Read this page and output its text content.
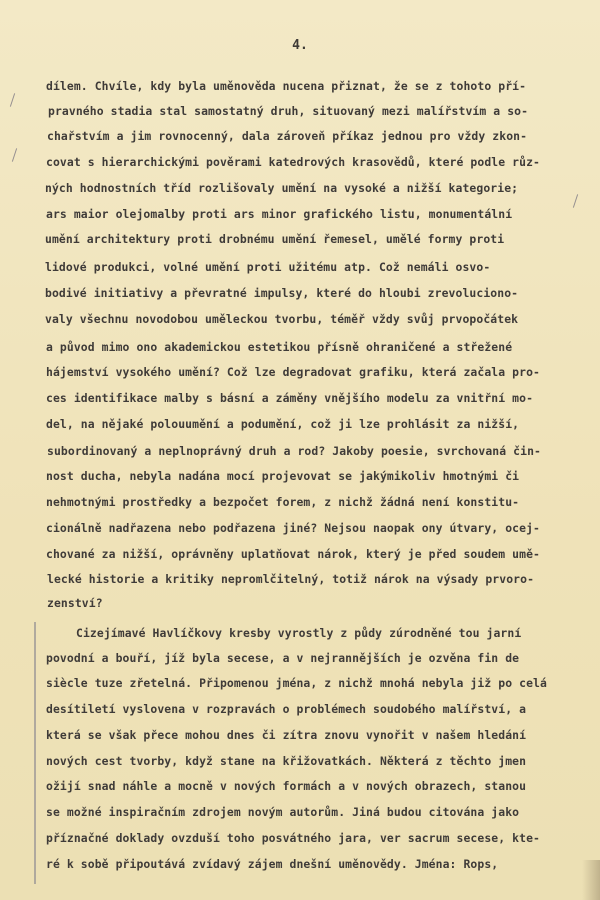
4.
dílem. Chvíle, kdy byla uměnověda nucena přiznat, že se z tohoto pří-
pravného stadia stal samostatný druh, situovaný mezi malířstvím a so-
chařstvím a jim rovnocenný, dala zároveň příkaz jednou pro vždy zkon-
covat s hierarchickými pověrami katedrových krasovědů, které podle růz-
ných hodnostních tříd rozlišovaly umění na vysoké a nižší kategorie;
ars maior olejomalby proti ars minor grafického listu, monumentální
umění architektury proti drobnému umění řemesel, umělé formy proti
lidové produkci, volné umění proti užitému atp. Což nemáli osvo-
bodivé initiativy a převratné impulsy, které do hloubi zrevoluciono-
valy všechnu novodobou uměleckou tvorbu, téměř vždy svůj prvopočátek
a původ mimo ono akademickou estetikou přísně ohraničené a střežené
hájemství vysokého umění? Což lze degradovat grafiku, která začala pro-
ces identifikace malby s básní a záměny vnějšího modelu za vnitřní mo-
del, na nějaké polouumění a podumění, což ji lze prohlásit za nižší,
subordinovaný a neplnoprávný druh a rod? Jakoby poesie, svrchovaná čin-
nost ducha, nebyla nadána mocí projevovat se jakýmikoliv hmotnými či
nehmotnými prostředky a bezpočet forem, z nichž žádná není konstitu-
cionálně nadřazena nebo podřazena jiné? Nejsou naopak ony útvary, ocej-
chované za nižší, oprávněny uplatňovat nárok, který je před soudem umě-
lecké historie a kritiky nepromlčitelný, totiž nárok na výsady prvoro-
zenství?
Cizejímavé Havlíčkovy kresby vyrostly z půdy zúrodněné tou jarní
povodní a bouří, jíž byla secese, a v nejrannějších je ozvěna fin de
siècle tuze zřetelná. Připomenou jména, z nichž mnohá nebyla již po celá
desítiletí vyslovena v rozpravách o problémech soudobého malířství, a
která se však přece mohou dnes či zítra znovu vynořit v našem hledání
nových cest tvorby, když stane na křižovatkách. Některá z těchto jmen
ožijí snad náhle a mocně v nových formách a v nových obrazech, stanou
se možné inspiračním zdrojem novým autorům. Jiná budou citována jako
příznačné doklady ovzduší toho posvátného jara, ver sacrum secese, kte-
ré k sobě připoutává zvídavý zájem dnešní uměnovědy. Jména: Rops,
